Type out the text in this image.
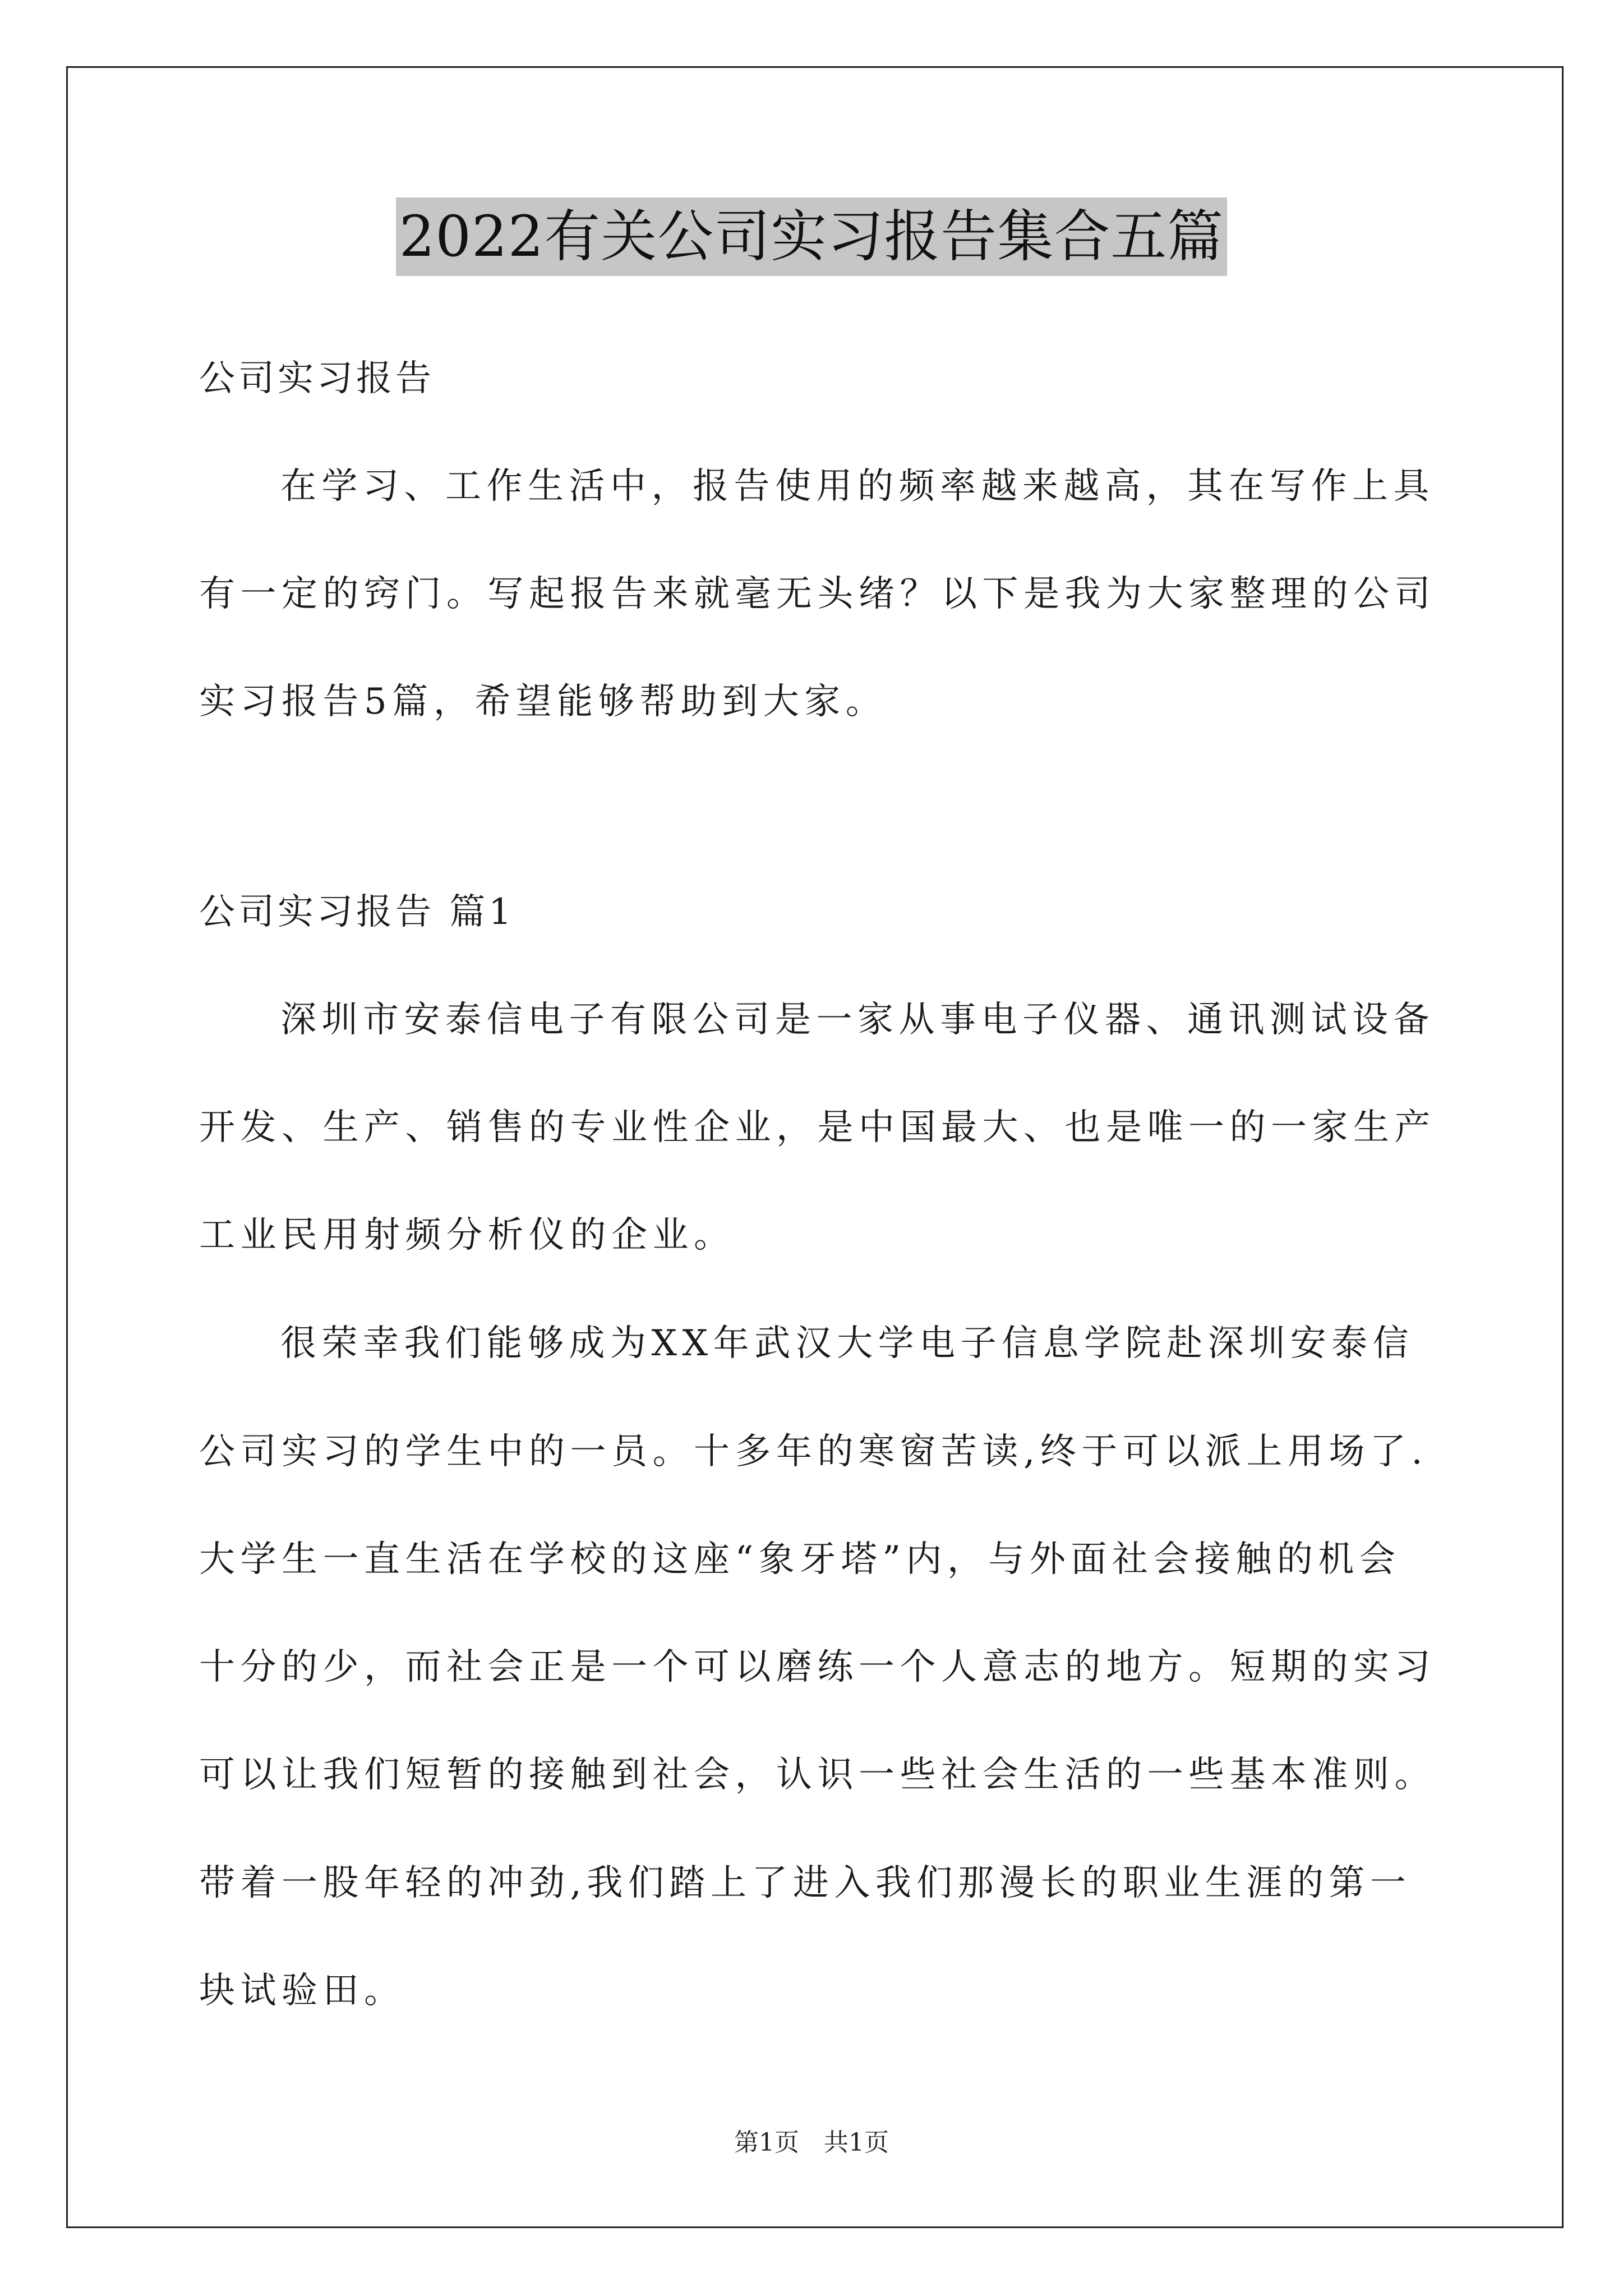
2022有关公司实习报告集合五篇
公司实习报告
在学习、工作生活中，报告使用的频率越来越高，其在写作上具
有一定的窍门。写起报告来就毫无头绪？以下是我为大家整理的公司
实习报告5篇，希望能够帮助到大家。
公司实习报告 篇1
深圳市安泰信电子有限公司是一家从事电子仪器、通讯测试设备
开发、生产、销售的专业性企业，是中国最大、也是唯一的一家生产
工业民用射频分析仪的企业。
很荣幸我们能够成为XX年武汉大学电子信息学院赴深圳安泰信
公司实习的学生中的一员。十多年的寒窗苦读,终于可以派上用场了.
大学生一直生活在学校的这座“象牙塔”内，与外面社会接触的机会
十分的少，而社会正是一个可以磨练一个人意志的地方。短期的实习
可以让我们短暂的接触到社会，认识一些社会生活的一些基本准则。
带着一股年轻的冲劲,我们踏上了进入我们那漫长的职业生涯的第一
块试验田。
第1页　共1页
